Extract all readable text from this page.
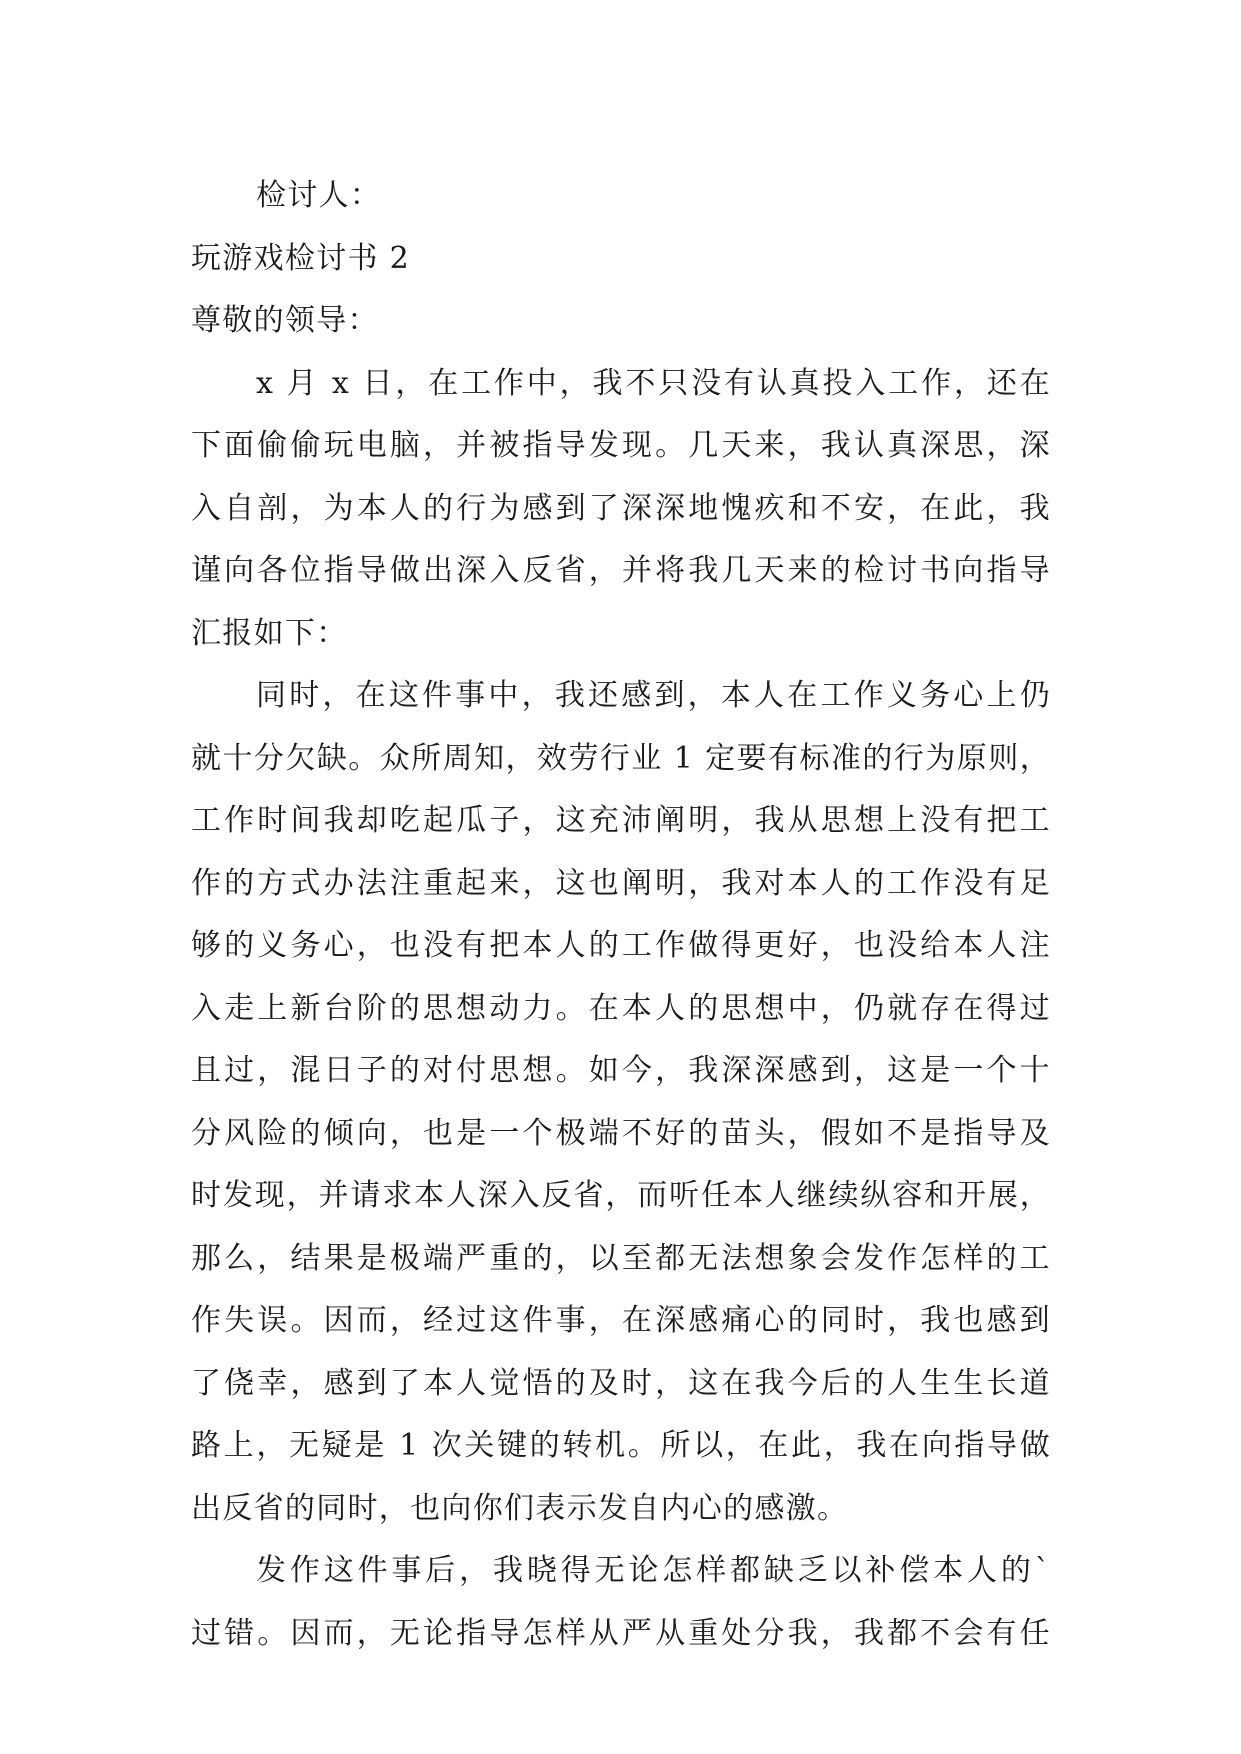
检讨人：
玩游戏检讨书 2
尊敬的领导：
x 月 x 日，在工作中，我不只没有认真投入工作，还在
下面偷偷玩电脑，并被指导发现。几天来，我认真深思，深
入自剖，为本人的行为感到了深深地愧疚和不安，在此，我
谨向各位指导做出深入反省，并将我几天来的检讨书向指导
汇报如下：
同时，在这件事中，我还感到，本人在工作义务心上仍
就十分欠缺。众所周知，效劳行业 1 定要有标准的行为原则，
工作时间我却吃起瓜子，这充沛阐明，我从思想上没有把工
作的方式办法注重起来，这也阐明，我对本人的工作没有足
够的义务心，也没有把本人的工作做得更好，也没给本人注
入走上新台阶的思想动力。在本人的思想中，仍就存在得过
且过，混日子的对付思想。如今，我深深感到，这是一个十
分风险的倾向，也是一个极端不好的苗头，假如不是指导及
时发现，并请求本人深入反省，而听任本人继续纵容和开展，
那么，结果是极端严重的，以至都无法想象会发作怎样的工
作失误。因而，经过这件事，在深感痛心的同时，我也感到
了侥幸，感到了本人觉悟的及时，这在我今后的人生生长道
路上，无疑是 1 次关键的转机。所以，在此，我在向指导做
出反省的同时，也向你们表示发自内心的感激。
发作这件事后，我晓得无论怎样都缺乏以补偿本人的`
过错。因而，无论指导怎样从严从重处分我，我都不会有任
